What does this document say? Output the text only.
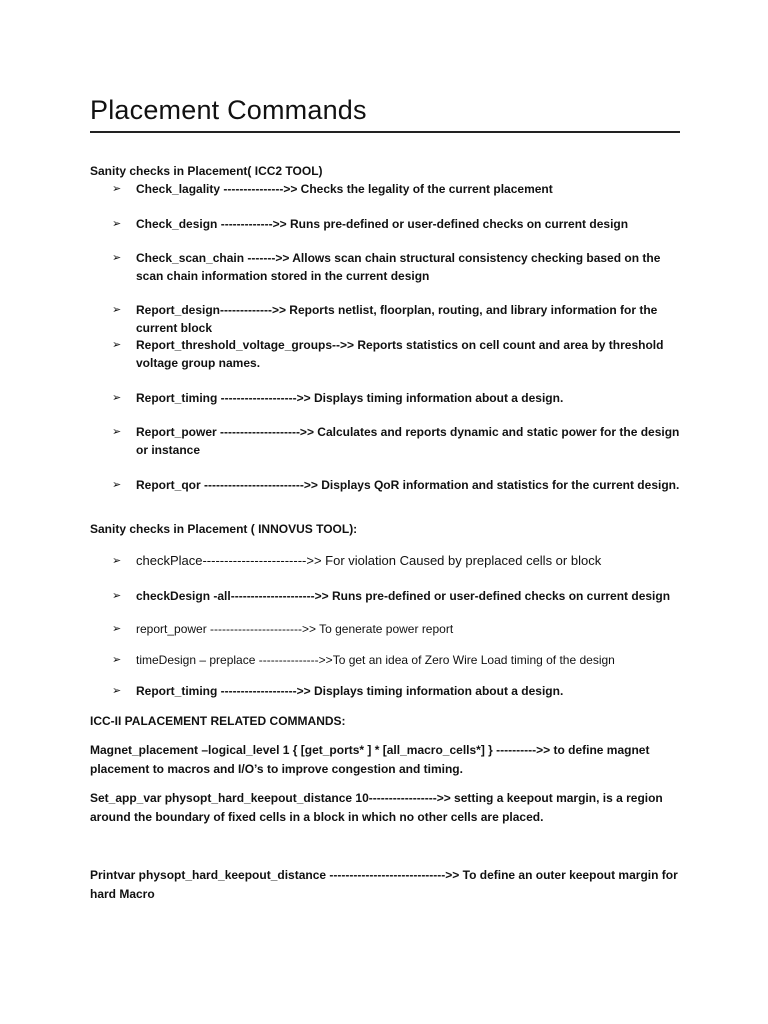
Placement Commands
Sanity checks in Placement( ICC2 TOOL)
➢ Check_lagality --------------->> Checks the legality of the current placement
➢ Check_design ------------->> Runs pre-defined or user-defined checks on current design
➢ Check_scan_chain ------->> Allows scan chain structural consistency checking based on the scan chain information stored in the current design
➢ Report_design------------->> Reports netlist, floorplan, routing, and library information for the current block
➢ Report_threshold_voltage_groups-->> Reports statistics on cell count and area by threshold voltage group names.
➢ Report_timing ------------------->> Displays timing information about a design.
➢ Report_power -------------------->> Calculates and reports dynamic and static power for the design or instance
➢ Report_qor ------------------------->> Displays QoR information and statistics for the current design.
Sanity checks in Placement ( INNOVUS TOOL):
➢ checkPlace------------------------>> For violation Caused by preplaced cells or block
➢ checkDesign -all--------------------->> Runs pre-defined or user-defined checks on current design
➢ report_power ----------------------->> To generate power report
➢ timeDesign – preplace --------------->>To get an idea of Zero Wire Load timing of the design
➢ Report_timing ------------------->> Displays timing information about a design.
ICC-II PALACEMENT RELATED COMMANDS:
Magnet_placement –logical_level 1 { [get_ports* ] * [all_macro_cells*] } ---------->> to define magnet placement to macros and I/O’s to improve congestion and timing.
Set_app_var physopt_hard_keepout_distance 10----------------->> setting a keepout margin, is a region around the boundary of fixed cells in a block in which no other cells are placed.
Printvar physopt_hard_keepout_distance ----------------------------->> To define an outer keepout margin for hard Macro
